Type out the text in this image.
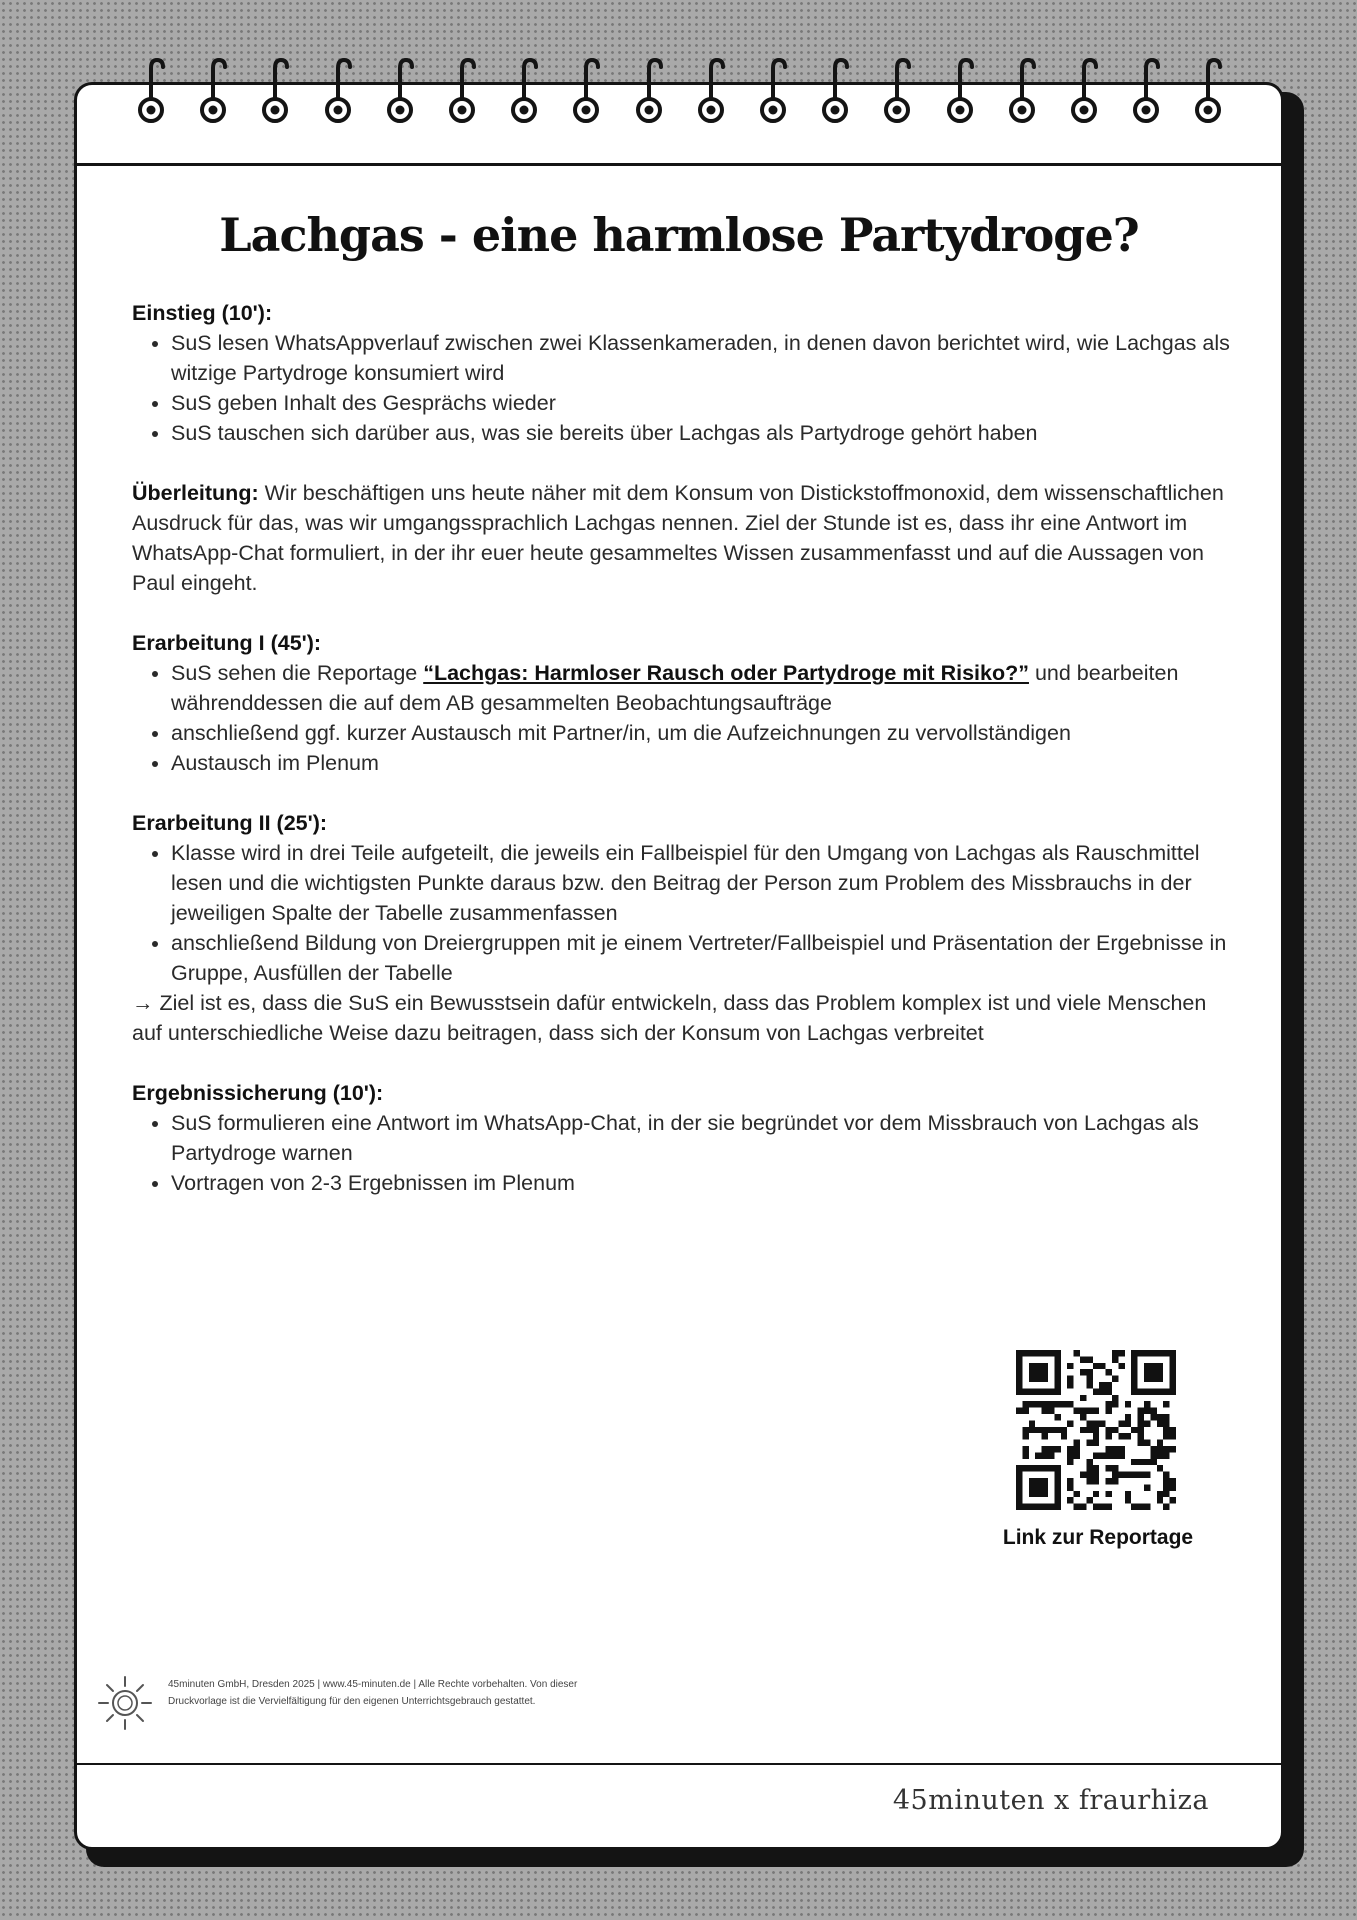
Lachgas - eine harmlose Partydroge?
Einstieg (10'):
• SuS lesen WhatsAppverlauf zwischen zwei Klassenkameraden, in denen davon berichtet wird, wie Lachgas als witzige Partydroge konsumiert wird
• SuS geben Inhalt des Gesprächs wieder
• SuS tauschen sich darüber aus, was sie bereits über Lachgas als Partydroge gehört haben

Überleitung: Wir beschäftigen uns heute näher mit dem Konsum von Distickstoffmonoxid, dem wissenschaftlichen Ausdruck für das, was wir umgangssprachlich Lachgas nennen. Ziel der Stunde ist es, dass ihr eine Antwort im WhatsApp-Chat formuliert, in der ihr euer heute gesammeltes Wissen zusammenfasst und auf die Aussagen von Paul eingeht.

Erarbeitung I (45'):
• SuS sehen die Reportage “Lachgas: Harmloser Rausch oder Partydroge mit Risiko?” und bearbeiten währenddessen die auf dem AB gesammelten Beobachtungsaufträge
• anschließend ggf. kurzer Austausch mit Partner/in, um die Aufzeichnungen zu vervollständigen
• Austausch im Plenum
Erarbeitung II (25'):
• Klasse wird in drei Teile aufgeteilt, die jeweils ein Fallbeispiel für den Umgang von Lachgas als Rauschmittel lesen und die wichtigsten Punkte daraus bzw. den Beitrag der Person zum Problem des Missbrauchs in der jeweiligen Spalte der Tabelle zusammenfassen
• anschließend Bildung von Dreiergruppen mit je einem Vertreter/Fallbeispiel und Präsentation der Ergebnisse in Gruppe, Ausfüllen der Tabelle

→ Ziel ist es, dass die SuS ein Bewusstsein dafür entwickeln, dass das Problem komplex ist und viele Menschen auf unterschiedliche Weise dazu beitragen, dass sich der Konsum von Lachgas verbreitet

Ergebnissicherung (10'):
• SuS formulieren eine Antwort im WhatsApp-Chat, in der sie begründet vor dem Missbrauch von Lachgas als Partydroge warnen
• Vortragen von 2-3 Ergebnissen im Plenum
Link zur Reportage
45minuten GmbH, Dresden 2025 | www.45-minuten.de | Alle Rechte vorbehalten. Von dieser Druckvorlage ist die Vervielfältigung für den eigenen Unterrichtsgebrauch gestattet.
45minuten x fraurhiza
